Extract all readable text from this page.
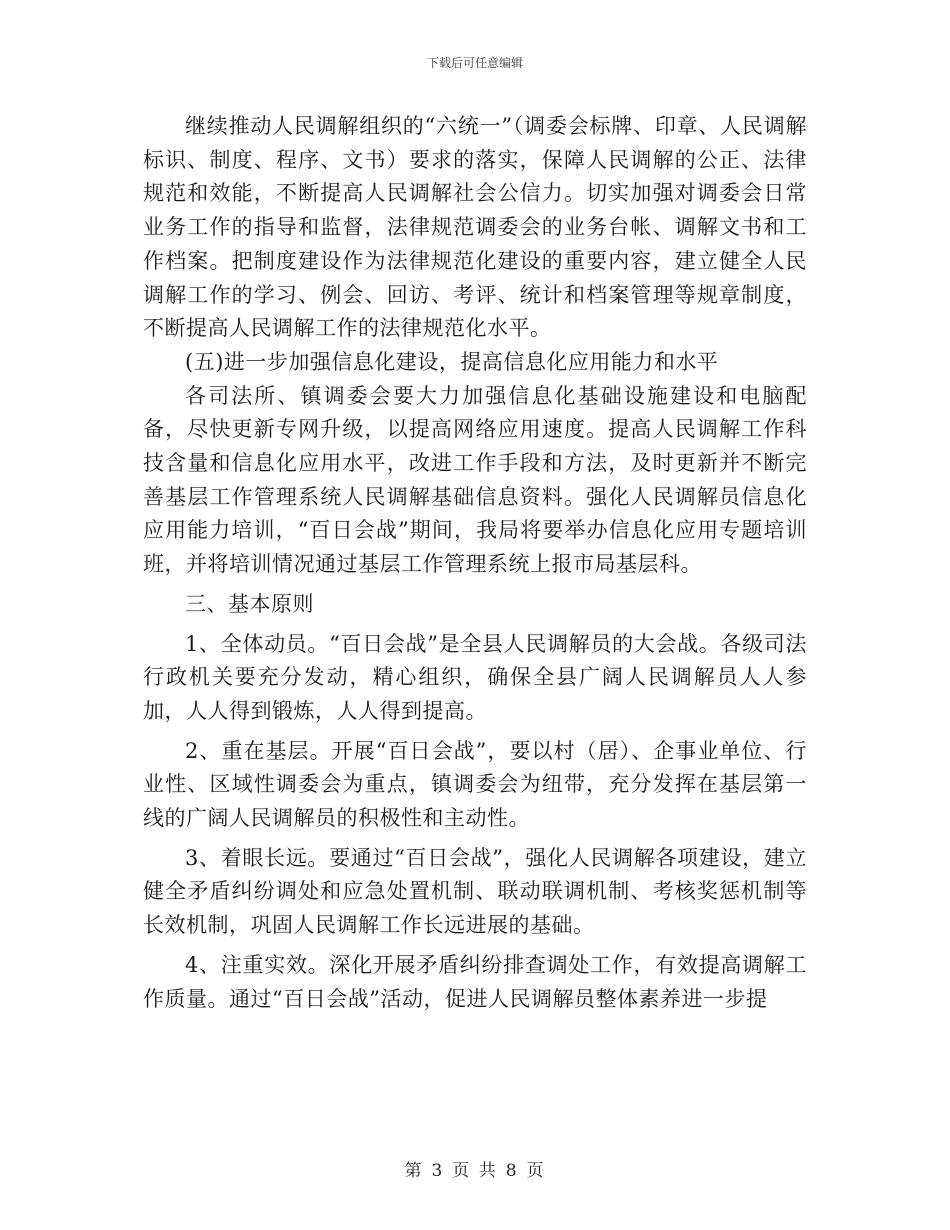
下载后可任意编辑

继续推动人民调解组织的“六统一”（调委会标牌、印章、人民调解标识、制度、程序、文书）要求的落实，保障人民调解的公正、法律规范和效能，不断提高人民调解社会公信力。切实加强对调委会日常业务工作的指导和监督，法律规范调委会的业务台帐、调解文书和工作档案。把制度建设作为法律规范化建设的重要内容，建立健全人民调解工作的学习、例会、回访、考评、统计和档案管理等规章制度，不断提高人民调解工作的法律规范化水平。

(五)进一步加强信息化建设，提高信息化应用能力和水平

各司法所、镇调委会要大力加强信息化基础设施建设和电脑配备，尽快更新专网升级，以提高网络应用速度。提高人民调解工作科技含量和信息化应用水平，改进工作手段和方法，及时更新并不断完善基层工作管理系统人民调解基础信息资料。强化人民调解员信息化应用能力培训，“百日会战”期间，我局将要举办信息化应用专题培训班，并将培训情况通过基层工作管理系统上报市局基层科。

三、基本原则

1、全体动员。“百日会战”是全县人民调解员的大会战。各级司法行政机关要充分发动，精心组织，确保全县广阔人民调解员人人参加，人人得到锻炼，人人得到提高。

2、重在基层。开展“百日会战”，要以村（居）、企事业单位、行业性、区域性调委会为重点，镇调委会为纽带，充分发挥在基层第一线的广阔人民调解员的积极性和主动性。

3、着眼长远。要通过“百日会战”，强化人民调解各项建设，建立健全矛盾纠纷调处和应急处置机制、联动联调机制、考核奖惩机制等长效机制，巩固人民调解工作长远进展的基础。

4、注重实效。深化开展矛盾纠纷排查调处工作，有效提高调解工作质量。通过“百日会战”活动，促进人民调解员整体素养进一步提

第 3 页 共 8 页
